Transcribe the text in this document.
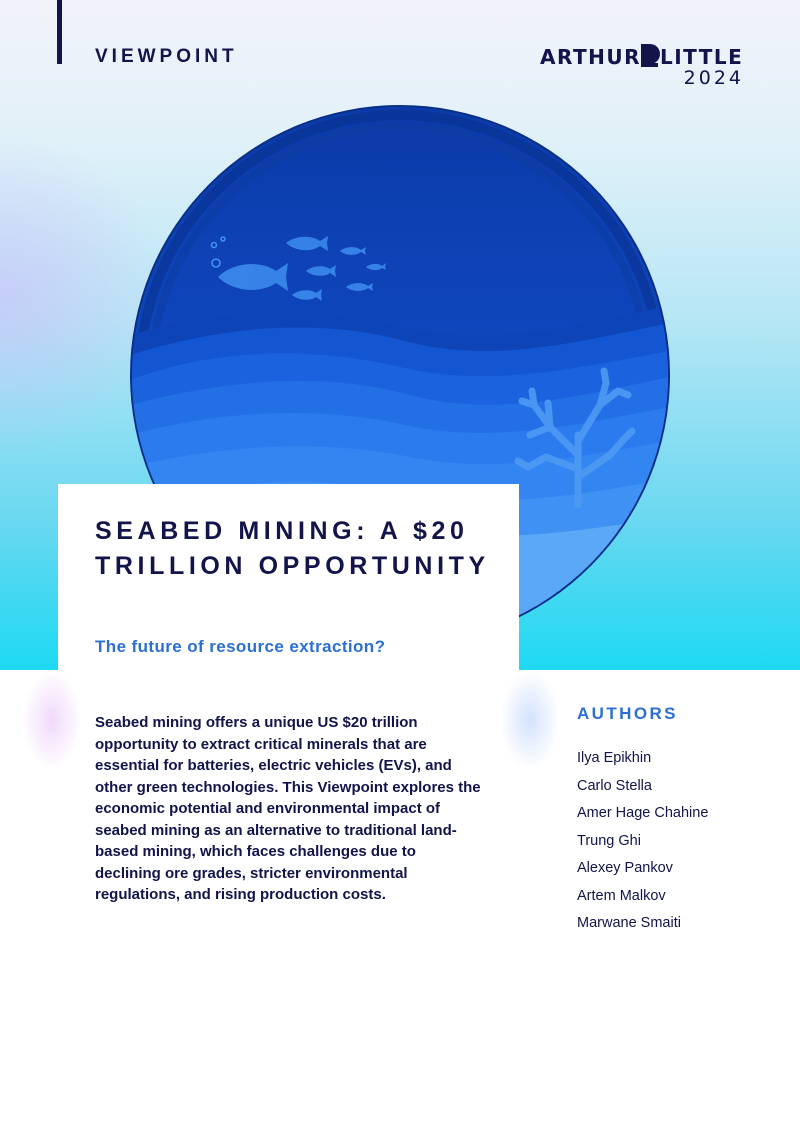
VIEWPOINT	ARTHUR LITTLE
2024
SEABED MINING: A $20 TRILLION OPPORTUNITY

The future of resource extraction?

Seabed mining offers a unique US $20 trillion opportunity to extract critical minerals that are essential for batteries, electric vehicles (EVs), and other green technologies. This Viewpoint explores the economic potential and environmental impact of seabed mining as an alternative to traditional land-based mining, which faces challenges due to declining ore grades, stricter environmental regulations, and rising production costs.

AUTHORS
Ilya Epikhin
Carlo Stella
Amer Hage Chahine
Trung Ghi
Alexey Pankov
Artem Malkov
Marwane Smaiti
